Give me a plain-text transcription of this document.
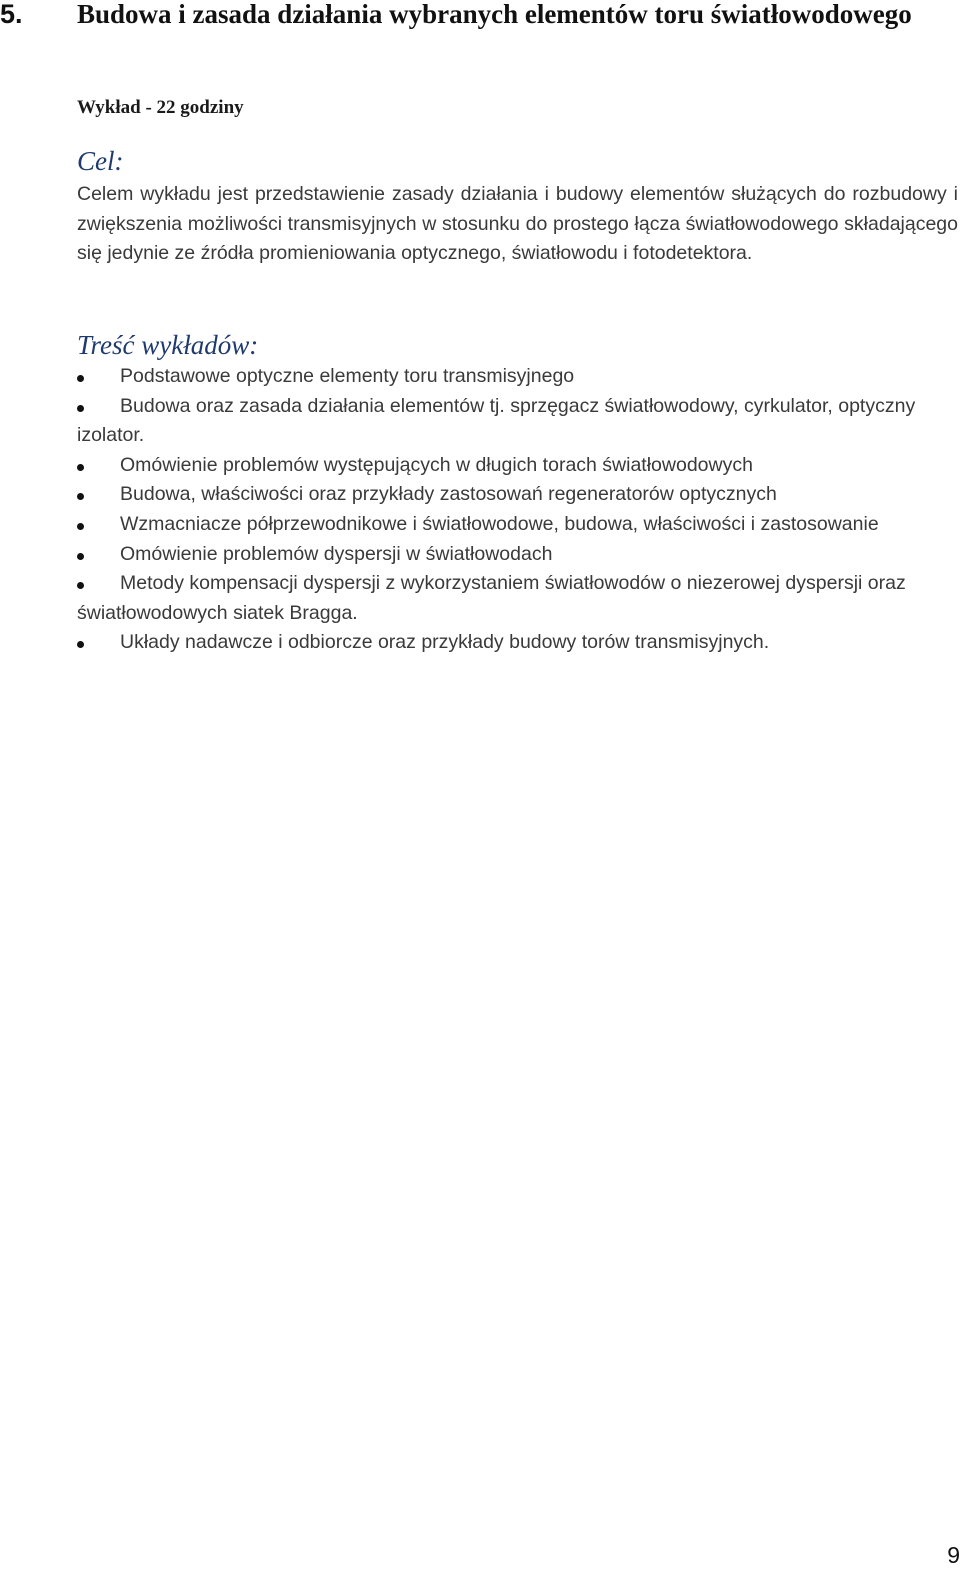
5. Budowa i zasada działania wybranych elementów toru światłowodowego
Wykład - 22 godziny
Cel:

Celem wykładu jest przedstawienie zasady działania i budowy elementów służących do rozbudowy i zwiększenia możliwości transmisyjnych w stosunku do prostego łącza światłowodowego składającego się jedynie ze źródła promieniowania optycznego, światłowodu i fotodetektora.

Treść wykładów:
Podstawowe optyczne elementy toru transmisyjnego
Budowa oraz zasada działania elementów tj. sprzęgacz światłowodowy, cyrkulator, optyczny izolator.
Omówienie problemów występujących w długich torach światłowodowych
Budowa, właściwości oraz przykłady zastosowań regeneratorów optycznych
Wzmacniacze półprzewodnikowe i światłowodowe, budowa, właściwości i zastosowanie
Omówienie problemów dyspersji w światłowodach
Metody kompensacji dyspersji z wykorzystaniem światłowodów o niezerowej dyspersji oraz światłowodowych siatek Bragga.
Układy nadawcze i odbiorcze oraz przykłady budowy torów transmisyjnych.
9
